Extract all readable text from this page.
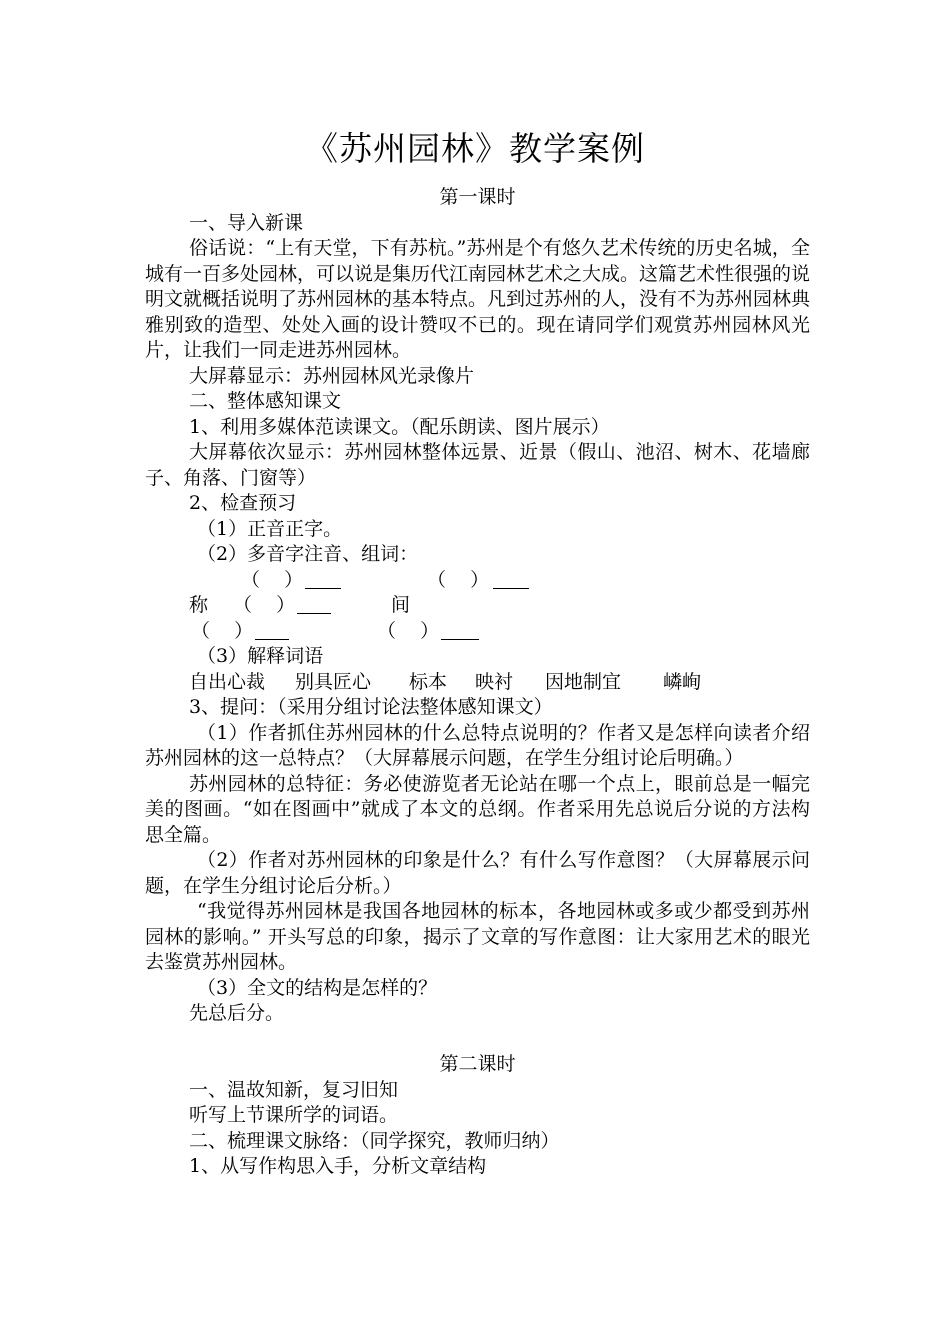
《苏州园林》教学案例

第一课时

一、导入新课

俗话说：“上有天堂，下有苏杭。”苏州是个有悠久艺术传统的历史名城，全城有一百多处园林，可以说是集历代江南园林艺术之大成。这篇艺术性很强的说明文就概括说明了苏州园林的基本特点。凡到过苏州的人，没有不为苏州园林典雅别致的造型、处处入画的设计赞叹不已的。现在请同学们观赏苏州园林风光片，让我们一同走进苏州园林。

大屏幕显示：苏州园林风光录像片

二、整体感知课文

1、利用多媒体范读课文。（配乐朗读、图片展示）

大屏幕依次显示：苏州园林整体远景、近景（假山、池沼、树木、花墙廊子、角落、门窗等）

2、检查预习

（1）正音正字。

（2）多音字注音、组词：

（    ）	（    ）
称 （    ）	间
（    ）	（    ）

（3）解释词语

自出心裁 别具匠心 标本 映衬 因地制宜 嶙峋

3、提问：（采用分组讨论法整体感知课文）

（1）作者抓住苏州园林的什么总特点说明的？作者又是怎样向读者介绍苏州园林的这一总特点？（大屏幕展示问题，在学生分组讨论后明确。）

苏州园林的总特征：务必使游览者无论站在哪一个点上，眼前总是一幅完美的图画。“如在图画中”就成了本文的总纲。作者采用先总说后分说的方法构思全篇。

（2）作者对苏州园林的印象是什么？有什么写作意图？（大屏幕展示问题，在学生分组讨论后分析。）

“我觉得苏州园林是我国各地园林的标本，各地园林或多或少都受到苏州园林的影响。” 开头写总的印象，揭示了文章的写作意图：让大家用艺术的眼光去鉴赏苏州园林。

（3）全文的结构是怎样的？

先总后分。

第二课时

一、温故知新，复习旧知

听写上节课所学的词语。

二、梳理课文脉络：（同学探究，教师归纳）

1、从写作构思入手，分析文章结构
